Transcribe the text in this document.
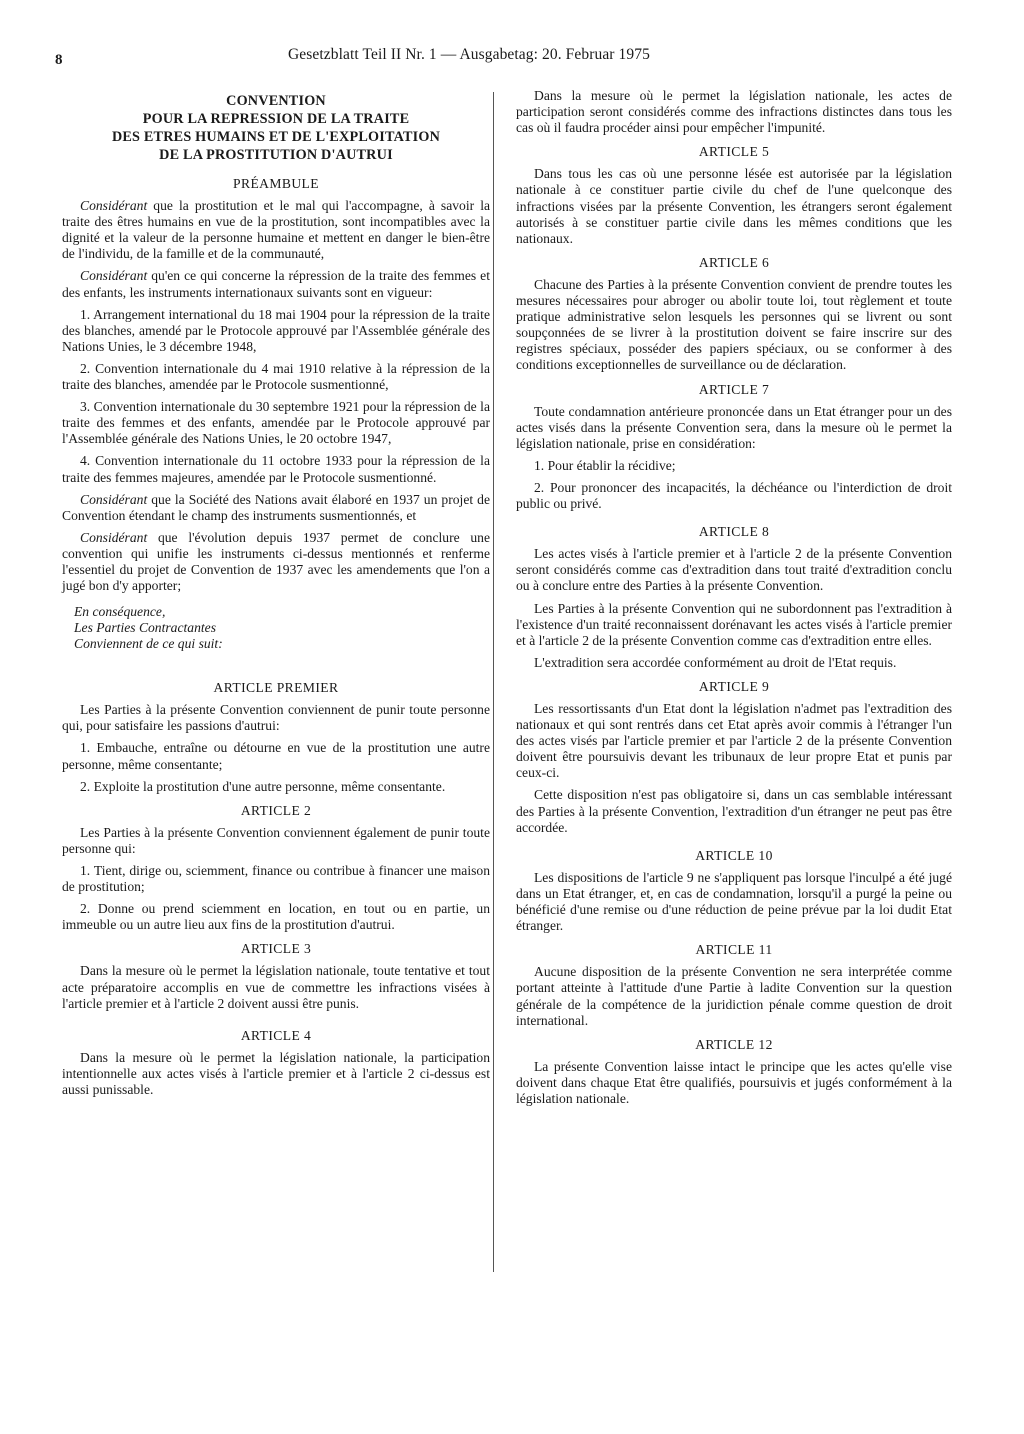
8	Gesetzblatt Teil II Nr. 1 — Ausgabetag: 20. Februar 1975
CONVENTION
POUR LA REPRESSION DE LA TRAITE
DES ETRES HUMAINS ET DE L'EXPLOITATION
DE LA PROSTITUTION D'AUTRUI
PRÉAMBULE

Considérant que la prostitution et le mal qui l'accompagne, à savoir la traite des êtres humains en vue de la prostitution, sont incompatibles avec la dignité et la valeur de la personne humaine et mettent en danger le bien-être de l'individu, de la famille et de la communauté,

Considérant qu'en ce qui concerne la répression de la traite des femmes et des enfants, les instruments internationaux suivants sont en vigueur:

1. Arrangement international du 18 mai 1904 pour la répression de la traite des blanches, amendé par le Protocole approuvé par l'Assemblée générale des Nations Unies, le 3 décembre 1948,

2. Convention internationale du 4 mai 1910 relative à la répression de la traite des blanches, amendée par le Protocole susmentionné,

3. Convention internationale du 30 septembre 1921 pour la répression de la traite des femmes et des enfants, amendée par le Protocole approuvé par l'Assemblée générale des Nations Unies, le 20 octobre 1947,

4. Convention internationale du 11 octobre 1933 pour la répression de la traite des femmes majeures, amendée par le Protocole susmentionné.

Considérant que la Société des Nations avait élaboré en 1937 un projet de Convention étendant le champ des instruments susmentionnés, et

Considérant que l'évolution depuis 1937 permet de conclure une convention qui unifie les instruments ci-dessus mentionnés et renferme l'essentiel du projet de Convention de 1937 avec les amendements que l'on a jugé bon d'y apporter;

En conséquence,
Les Parties Contractantes
Conviennent de ce qui suit:
ARTICLE PREMIER

Les Parties à la présente Convention conviennent de punir toute personne qui, pour satisfaire les passions d'autrui:

1. Embauche, entraîne ou détourne en vue de la prostitution une autre personne, même consentante;

2. Exploite la prostitution d'une autre personne, même consentante.

ARTICLE 2

Les Parties à la présente Convention conviennent également de punir toute personne qui:

1. Tient, dirige ou, sciemment, finance ou contribue à financer une maison de prostitution;

2. Donne ou prend sciemment en location, en tout ou en partie, un immeuble ou un autre lieu aux fins de la prostitution d'autrui.

ARTICLE 3

Dans la mesure où le permet la législation nationale, toute tentative et tout acte préparatoire accomplis en vue de commettre les infractions visées à l'article premier et à l'article 2 doivent aussi être punis.

ARTICLE 4

Dans la mesure où le permet la législation nationale, la participation intentionnelle aux actes visés à l'article premier et à l'article 2 ci-dessus est aussi punissable.

Dans la mesure où le permet la législation nationale, les actes de participation seront considérés comme des infractions distinctes dans tous les cas où il faudra procéder ainsi pour empêcher l'impunité.

ARTICLE 5

Dans tous les cas où une personne lésée est autorisée par la législation nationale à ce constituer partie civile du chef de l'une quelconque des infractions visées par la présente Convention, les étrangers seront également autorisés à se constituer partie civile dans les mêmes conditions que les nationaux.

ARTICLE 6

Chacune des Parties à la présente Convention convient de prendre toutes les mesures nécessaires pour abroger ou abolir toute loi, tout règlement et toute pratique administrative selon lesquels les personnes qui se livrent ou sont soupçonnées de se livrer à la prostitution doivent se faire inscrire sur des registres spéciaux, posséder des papiers spéciaux, ou se conformer à des conditions exceptionnelles de surveillance ou de déclaration.

ARTICLE 7

Toute condamnation antérieure prononcée dans un Etat étranger pour un des actes visés dans la présente Convention sera, dans la mesure où le permet la législation nationale, prise en considération:

1. Pour établir la récidive;

2. Pour prononcer des incapacités, la déchéance ou l'interdiction de droit public ou privé.

ARTICLE 8

Les actes visés à l'article premier et à l'article 2 de la présente Convention seront considérés comme cas d'extradition dans tout traité d'extradition conclu ou à conclure entre des Parties à la présente Convention.

Les Parties à la présente Convention qui ne subordonnent pas l'extradition à l'existence d'un traité reconnaissent dorénavant les actes visés à l'article premier et à l'article 2 de la présente Convention comme cas d'extradition entre elles.

L'extradition sera accordée conformément au droit de l'Etat requis.

ARTICLE 9

Les ressortissants d'un Etat dont la législation n'admet pas l'extradition des nationaux et qui sont rentrés dans cet Etat après avoir commis à l'étranger l'un des actes visés par l'article premier et par l'article 2 de la présente Convention doivent être poursuivis devant les tribunaux de leur propre Etat et punis par ceux-ci.

Cette disposition n'est pas obligatoire si, dans un cas semblable intéressant des Parties à la présente Convention, l'extradition d'un étranger ne peut pas être accordée.

ARTICLE 10

Les dispositions de l'article 9 ne s'appliquent pas lorsque l'inculpé a été jugé dans un Etat étranger, et, en cas de condamnation, lorsqu'il a purgé la peine ou bénéficié d'une remise ou d'une réduction de peine prévue par la loi dudit Etat étranger.

ARTICLE 11

Aucune disposition de la présente Convention ne sera interprétée comme portant atteinte à l'attitude d'une Partie à ladite Convention sur la question générale de la compétence de la juridiction pénale comme question de droit international.

ARTICLE 12

La présente Convention laisse intact le principe que les actes qu'elle vise doivent dans chaque Etat être qualifiés, poursuivis et jugés conformément à la législation nationale.
